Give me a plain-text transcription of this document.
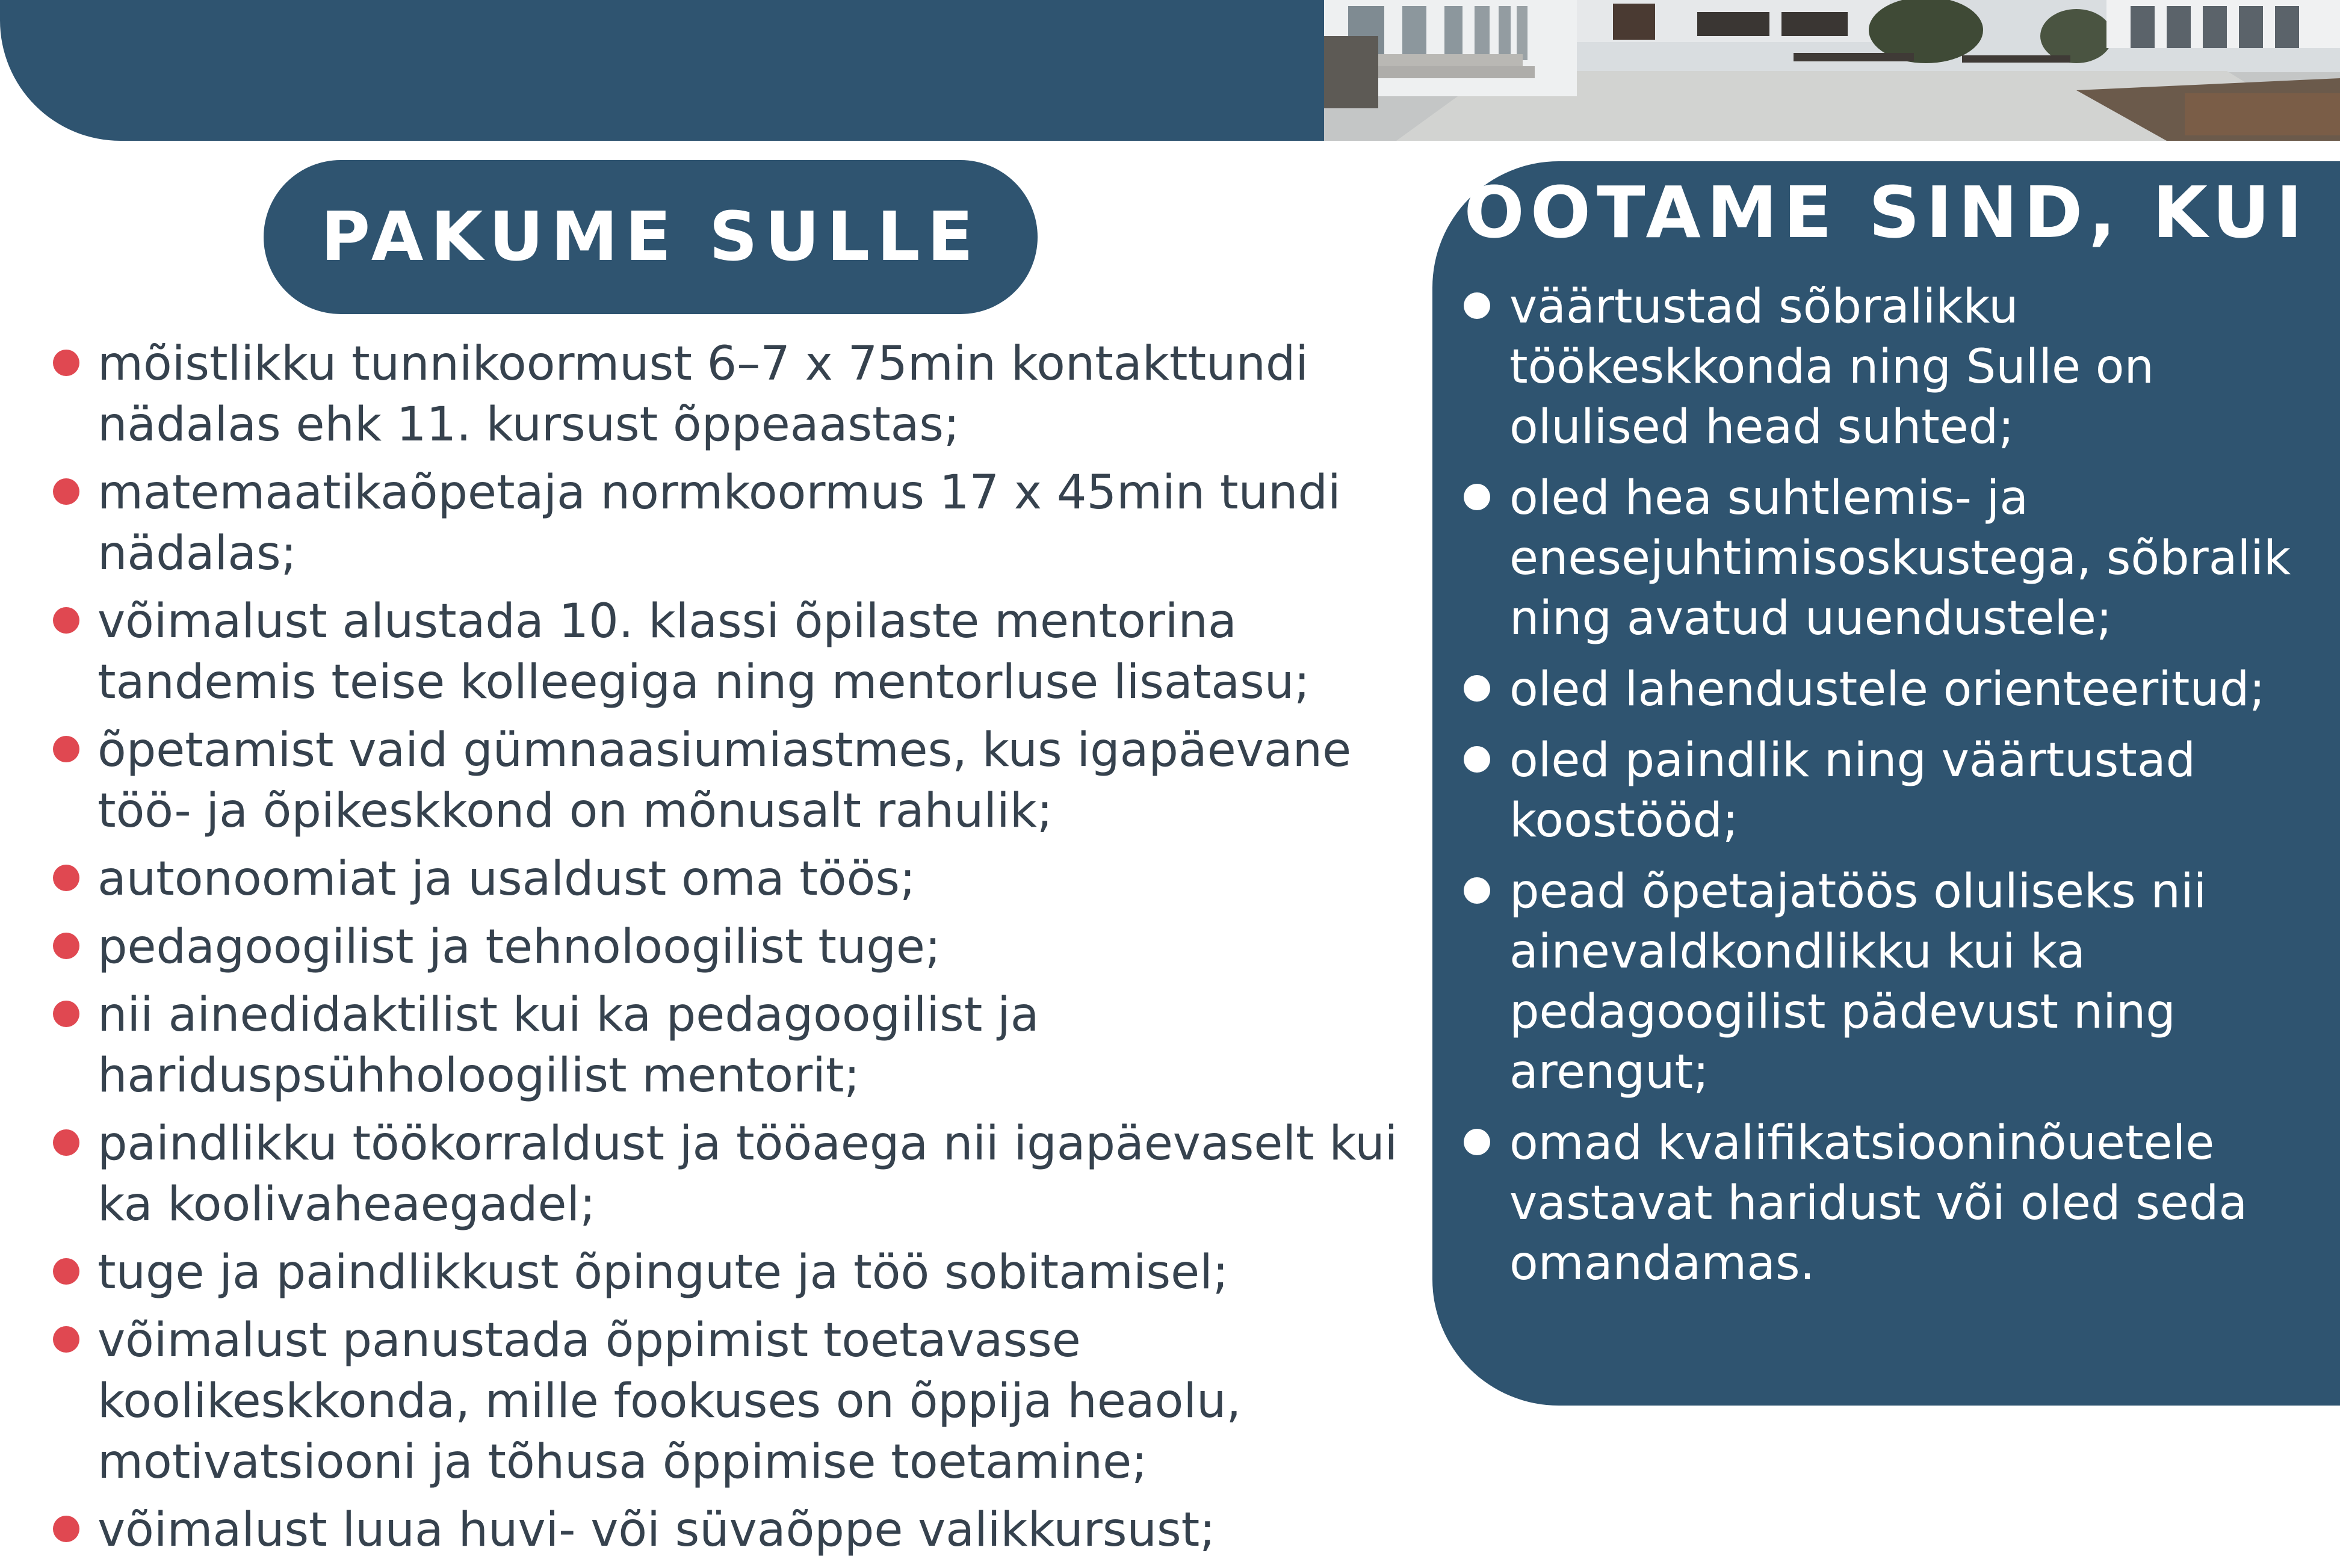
PAKUME SULLE
mõistlikku tunnikoormust 6–7 x 75min kontakttundi nädalas ehk 11. kursust õppeaastas;
matemaatikaõpetaja normkoormus 17 x 45min tundi nädalas;
võimalust alustada 10. klassi õpilaste mentorina tandemis teise kolleegiga ning mentorluse lisatasu;
õpetamist vaid gümnaasiumiastmes, kus igapäevane töö- ja õpikeskkond on mõnusalt rahulik;
autonoomiat ja usaldust oma töös;
pedagoogilist ja tehnoloogilist tuge;
nii ainedidaktilist kui ka pedagoogilist ja hariduspsühholoogilist mentorit;
paindlikku töökorraldust ja tööaega nii igapäevaselt kui ka koolivaheaegadel;
tuge ja paindlikkust õpingute ja töö sobitamisel;
võimalust panustada õppimist toetavasse koolikeskkonda, mille fookuses on õppija heaolu, motivatsiooni ja tõhusa õppimise toetamine;
võimalust luua huvi- või süvaõppe valikkursust;
OOTAME SIND, KUI
väärtustad sõbralikku töökeskkonda ning Sulle on olulised head suhted;
oled hea suhtlemis- ja enesejuhtimisoskustega, sõbralik ning avatud uuendustele;
oled lahendustele orienteeritud;
oled paindlik ning väärtustad koostööd;
pead õpetajatöös oluliseks nii ainevaldkondlikku kui ka pedagoogilist pädevust ning arengut;
omad kvalifikatsiooninõuetele vastavat haridust või oled seda omandamas.
